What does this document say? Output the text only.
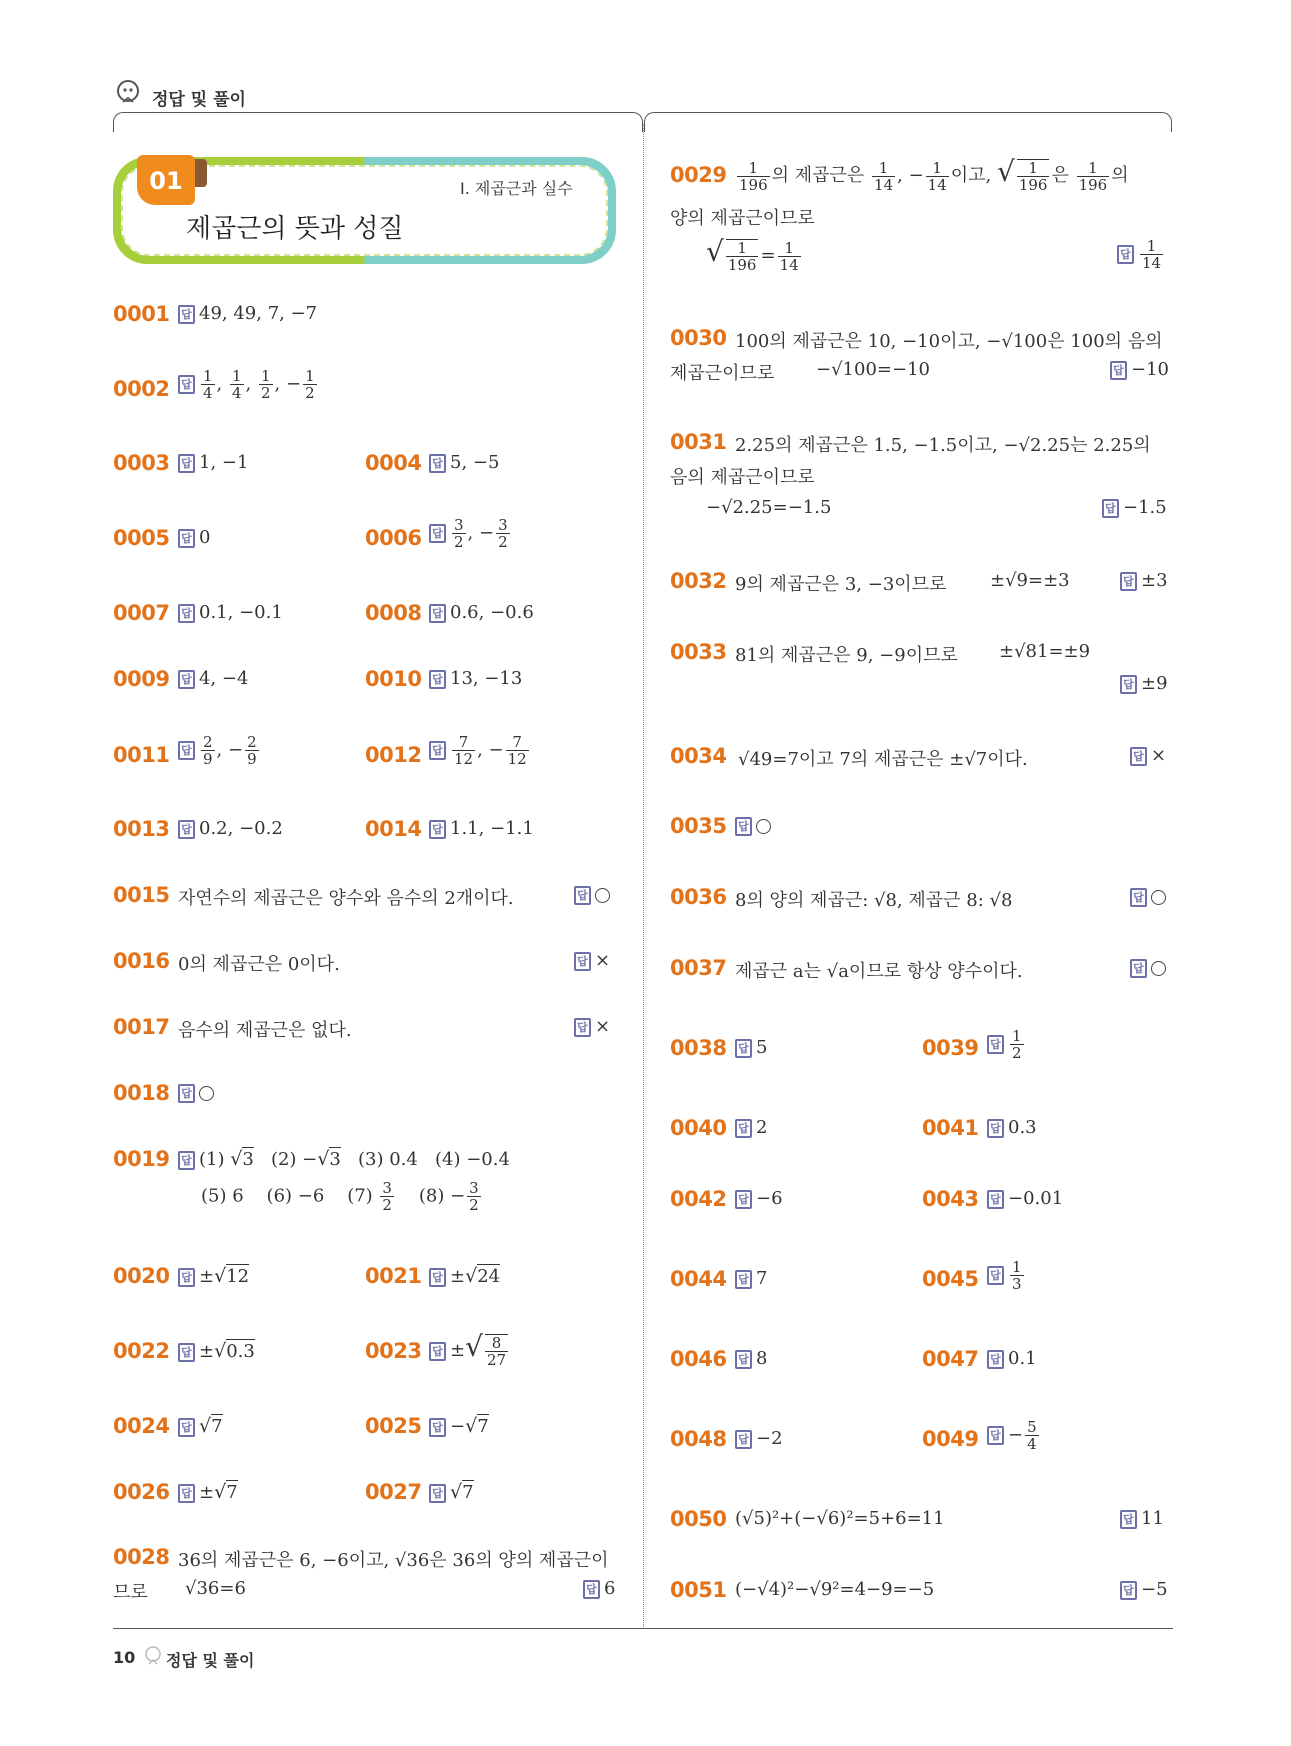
정답 및 풀이
01
제곱근의 뜻과 성질
I. 제곱근과 실수
0001 답 49, 49, 7, −7
0002 답 $\frac{1}{4}$ , $\frac{1}{4}$ , $\frac{1}{2}$ , − $\frac{1}{2}$
0003 답 1, −1	0004 답 5, −5
0005 답 0	0006 답 $\frac{3}{2}$ , − $\frac{3}{2}$
0007 답 0.1, −0.1	0008 답 0.6, −0.6
0009 답 4, −4	0010 답 13, −13
0011 답 $\frac{2}{9}$ , − $\frac{2}{9}$	0012 답 $\frac{7}{12}$ , − $\frac{7}{12}$
0013 답 0.2, −0.2	0014 답 1.1, −1.1
0015 자연수의 제곱근은 양수와 음수의 2개이다.	답
0016 0의 제곱근은 0이다.	답 ×
0017 음수의 제곱근은 없다.	답 ×
0018 답
0019 답 (1) √3   (2) −√3   (3) 0.4   (4) −0.4
(5) 6    (6) −6    $(7) \frac{3}{2} (8) - \frac{3}{2}$
0020 답 ±√12	0021 답 ±√24
0022 답 ±√0.3	0023 답 ±√ $\frac{8}{27}$
0024 답 √7	0025 답 −√7
0026 답 ±√7	0027 답 √7
0028 36의 제곱근은 6, −6이고, √36은 36의 양의 제곱근이
므로 √36=6	답 6
$0029 \frac{1}{196}$ 의 제곱근은 $\frac{1}{14}$ , − $\frac{1}{14}$ 이고, √ $\frac{1}{196}$ 은 $\frac{1}{196}$ 의
양의 제곱근이므로
√ $\frac{1}{196} = \frac{1}{14}$	답 $\frac{1}{14}$
0030 100의 제곱근은 10, −10이고, −√100은 100의 음의
제곱근이므로 −√100=−10	답 −10
0031 2.25의 제곱근은 1.5, −1.5이고, −√2.25는 2.25의
음의 제곱근이므로
−√2.25=−1.5	답 −1.5
0032 9의 제곱근은 3, −3이므로 ±√9=±3	답 ±3
0033 81의 제곱근은 9, −9이므로 ±√81=±9
답 ±9
0034 √49=7이고 7의 제곱근은 ±√7이다.	답 ×
0035 답
0036 8의 양의 제곱근: √8, 제곱근 8: √8	답
0037 제곱근 a는 √a이므로 항상 양수이다.	답
0038 답 5	0039 답 $\frac{1}{2}$
0040 답 2	0041 답 0.3
0042 답 −6	0043 답 −0.01
0044 답 7	0045 답 $\frac{1}{3}$
0046 답 8	0047 답 0.1
0048 답 −2	0049 답 − $\frac{5}{4}$
0050 (√5)²+(−√6)²=5+6=11	답 11
0051 (−√4)²−√9²=4−9=−5	답 −5
10 정답 및 풀이
